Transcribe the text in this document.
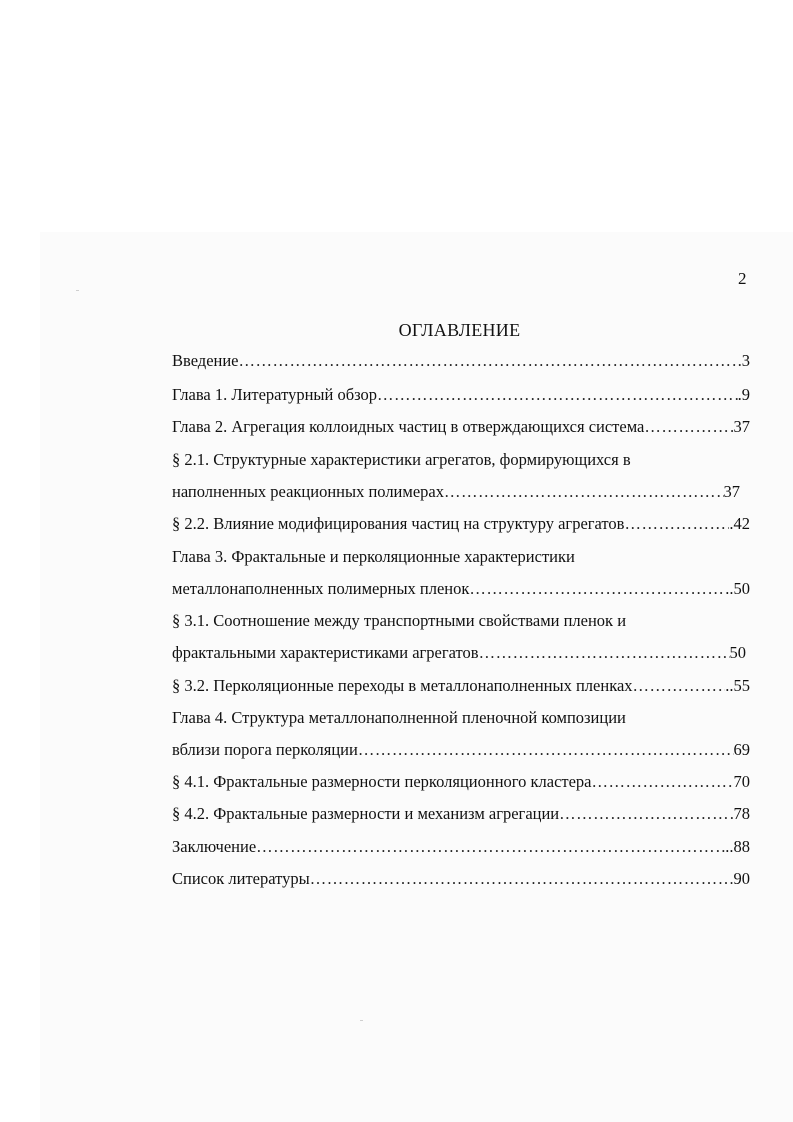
2
ОГЛАВЛЕНИЕ
Введение …………………………………………………………………………………………………………………………	3
Глава 1. Литературный обзор …………………………………………………………………………………………………………………………	.9
Глава 2. Агрегация коллоидных частиц в отверждающихся система …………………………………………………………………………………………………………………………	37
§ 2.1. Структурные характеристики агрегатов, формирующихся в
наполненных реакционных полимерах …………………………………………………………………………………………………………………………	37
§ 2.2. Влияние модифицирования частиц на структуру агрегатов …………………………………………………………………………………………………………………………	.42
Глава 3. Фрактальные и перколяционные характеристики
металлонаполненных полимерных пленок …………………………………………………………………………………………………………………………	..50
§ 3.1. Соотношение между транспортными свойствами пленок и
фрактальными характеристиками агрегатов …………………………………………………………………………………………………………………………	50
§ 3.2. Перколяционные переходы в металлонаполненных пленках …………………………………………………………………………………………………………………………	..55
Глава 4. Структура металлонаполненной пленочной композиции
вблизи порога перколяции …………………………………………………………………………………………………………………………	69
§ 4.1. Фрактальные размерности перколяционного кластера …………………………………………………………………………………………………………………………	70
§ 4.2. Фрактальные размерности и механизм агрегации …………………………………………………………………………………………………………………………	78
Заключение …………………………………………………………………………………………………………………………	..88
Список литературы …………………………………………………………………………………………………………………………	90
